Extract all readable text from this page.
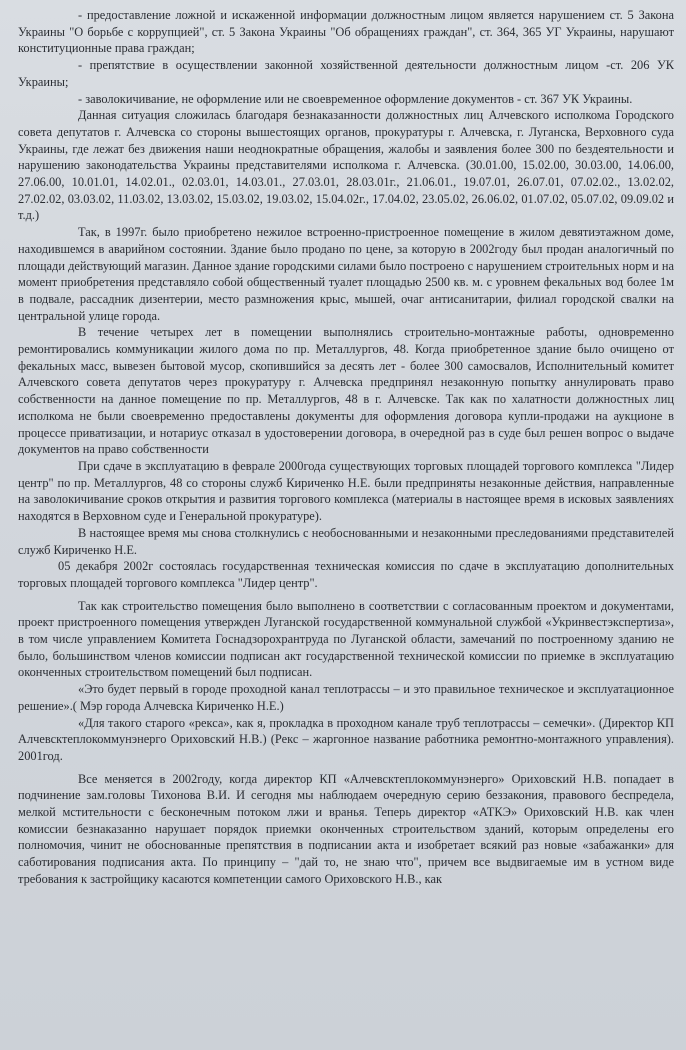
- предоставление ложной и искаженной информации должностным лицом является нарушением ст. 5 Закона Украины "О борьбе с коррупцией", ст. 5 Закона Украины "Об обращениях граждан", ст. 364, 365 УГ Украины, нарушают конституционные права граждан;

- препятствие в осуществлении законной хозяйственной деятельности должностным лицом -ст. 206 УК Украины;

- заволокичивание, не оформление или не своевременное оформление документов - ст. 367 УК Украины.

Данная ситуация сложилась благодаря безнаказанности должностных лиц Алчевского исполкома Городского совета депутатов г. Алчевска со стороны вышестоящих органов, прокуратуры г. Алчевска, г. Луганска, Верховного суда Украины, где лежат без движения наши неоднократные обращения, жалобы и заявления более 300 по бездеятельности и нарушению законодательства Украины представителями исполкома г. Алчевска. (30.01.00, 15.02.00, 30.03.00, 14.06.00, 27.06.00, 10.01.01, 14.02.01., 02.03.01, 14.03.01., 27.03.01, 28.03.01г., 21.06.01., 19.07.01, 26.07.01, 07.02.02., 13.02.02, 27.02.02, 03.03.02, 11.03.02, 13.03.02, 15.03.02, 19.03.02, 15.04.02г., 17.04.02, 23.05.02, 26.06.02, 01.07.02, 05.07.02, 09.09.02 и т.д.)

Так, в 1997г. было приобретено нежилое встроенно-пристроенное помещение в жилом девятиэтажном доме, находившемся в аварийном состоянии. Здание было продано по цене, за которую в 2002году был продан аналогичный по площади действующий магазин. Данное здание городскими силами было построено с нарушением строительных норм и на момент приобретения представляло собой общественный туалет площадью 2500 кв. м. с уровнем фекальных вод более 1м в подвале, рассадник дизентерии, место размножения крыс, мышей, очаг антисанитарии, филиал городской свалки на центральной улице города.

В течение четырех лет в помещении выполнялись строительно-монтажные работы, одновременно ремонтировались коммуникации жилого дома по пр. Металлургов, 48. Когда приобретенное здание было очищено от фекальных масс, вывезен бытовой мусор, скопившийся за десять лет - более 300 самосвалов, Исполнительный комитет Алчевского совета депутатов через прокуратуру г. Алчевска предпринял незаконную попытку аннулировать право собственности на данное помещение по пр. Металлургов, 48 в г. Алчевске. Так как по халатности должностных лиц исполкома не были своевременно предоставлены документы для оформления договора купли-продажи на аукционе в процессе приватизации, и нотариус отказал в удостоверении договора, в очередной раз в суде был решен вопрос о выдаче документов на право собственности

При сдаче в эксплуатацию в феврале 2000года существующих торговых площадей торгового комплекса "Лидер центр" по пр. Металлургов, 48 со стороны служб Кириченко Н.Е. были предприняты незаконные действия, направленные на заволокичивание сроков открытия и развития торгового комплекса (материалы в настоящее время в исковых заявлениях находятся в Верховном суде и Генеральной прокуратуре).

В настоящее время мы снова столкнулись с необоснованными и незаконными преследованиями представителей служб Кириченко Н.Е.

05 декабря 2002г состоялась государственная техническая комиссия по сдаче в эксплуатацию дополнительных торговых площадей торгового комплекса "Лидер центр".

Так как строительство помещения было выполнено в соответствии с согласованным проектом и документами, проект пристроенного помещения утвержден Луганской государственной коммунальной службой «Укринвестэкспертиза», в том числе управлением Комитета Госнадзорохрантруда по Луганской области, замечаний по построенному зданию не было, большинством членов комиссии подписан акт государственной технической комиссии по приемке в эксплуатацию оконченных строительством помещений был подписан.

«Это будет первый в городе проходной канал теплотрассы – и это правильное техническое и эксплуатационное решение».( Мэр города Алчевска Кириченко Н.Е.)

«Для такого старого «рекса», как я, прокладка в проходном канале труб теплотрассы – семечки». (Директор КП Алчевсктеплокоммунэнерго Ориховский Н.В.) (Рекс – жаргонное название работника ремонтно-монтажного управления). 2001год.

Все меняется в 2002году, когда директор КП «Алчевсктеплокоммунэнерго» Ориховский Н.В. попадает в подчинение зам.головы Тихонова В.И. И сегодня мы наблюдаем очередную серию беззакония, правового беспредела, мелкой мстительности с бесконечным потоком лжи и вранья. Теперь директор «АТКЭ» Ориховский Н.В. как член комиссии безнаказанно нарушает порядок приемки оконченных строительством зданий, которым определены его полномочия, чинит не обоснованные препятствия в подписании акта и изобретает всякий раз новые «забажанки» для саботирования подписания акта. По принципу – "дай то, не знаю что", причем все выдвигаемые им в устном виде требования к застройщику касаются компетенции самого Ориховского Н.В., как
